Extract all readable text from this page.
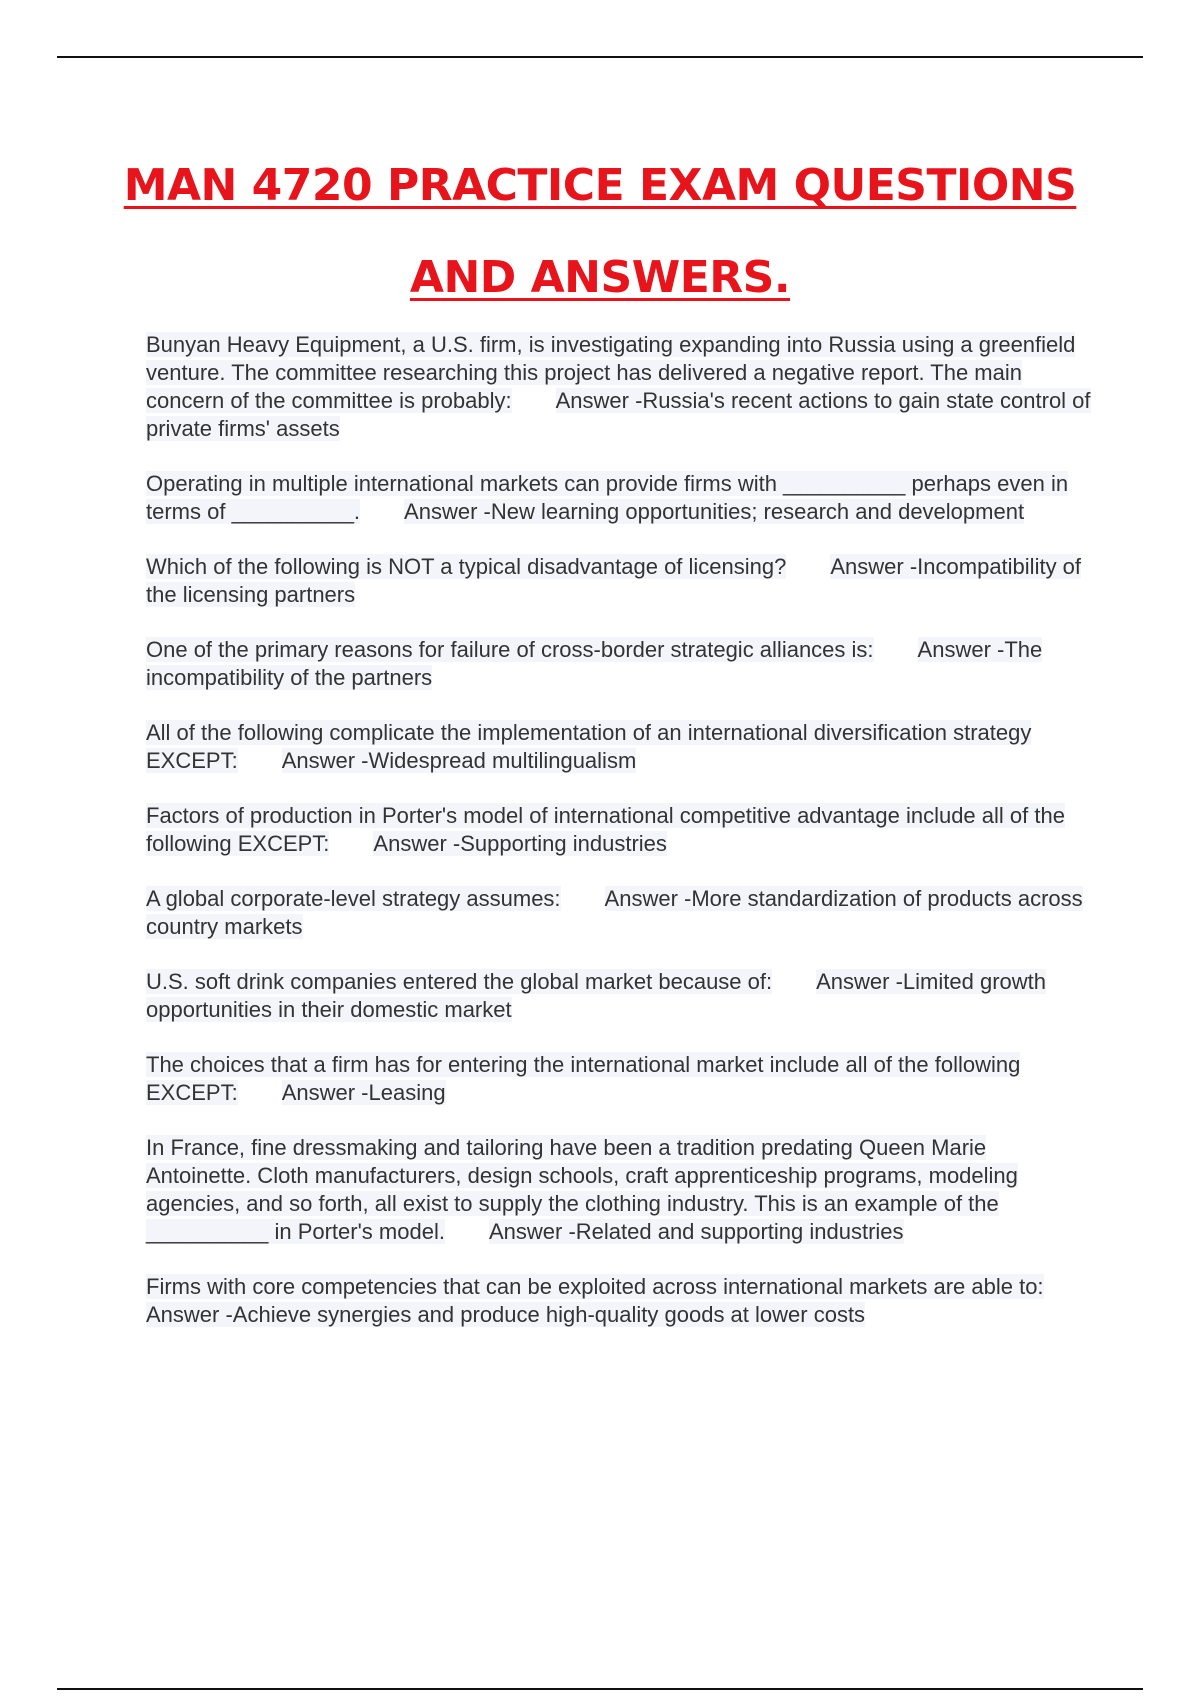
MAN 4720 PRACTICE EXAM QUESTIONS
AND ANSWERS.
Bunyan Heavy Equipment, a U.S. firm, is investigating expanding into Russia using a greenfield venture. The committee researching this project has delivered a negative report. The main concern of the committee is probably: Answer -Russia's recent actions to gain state control of private firms' assets
Operating in multiple international markets can provide firms with __________ perhaps even in terms of __________. Answer -New learning opportunities; research and development
Which of the following is NOT a typical disadvantage of licensing? Answer -Incompatibility of the licensing partners
One of the primary reasons for failure of cross-border strategic alliances is: Answer -The incompatibility of the partners
All of the following complicate the implementation of an international diversification strategy EXCEPT: Answer -Widespread multilingualism
Factors of production in Porter's model of international competitive advantage include all of the following EXCEPT: Answer -Supporting industries
A global corporate-level strategy assumes: Answer -More standardization of products across country markets
U.S. soft drink companies entered the global market because of: Answer -Limited growth opportunities in their domestic market
The choices that a firm has for entering the international market include all of the following EXCEPT: Answer -Leasing
In France, fine dressmaking and tailoring have been a tradition predating Queen Marie Antoinette. Cloth manufacturers, design schools, craft apprenticeship programs, modeling agencies, and so forth, all exist to supply the clothing industry. This is an example of the __________ in Porter's model. Answer -Related and supporting industries
Firms with core competencies that can be exploited across international markets are able to:Answer -Achieve synergies and produce high-quality goods at lower costs
